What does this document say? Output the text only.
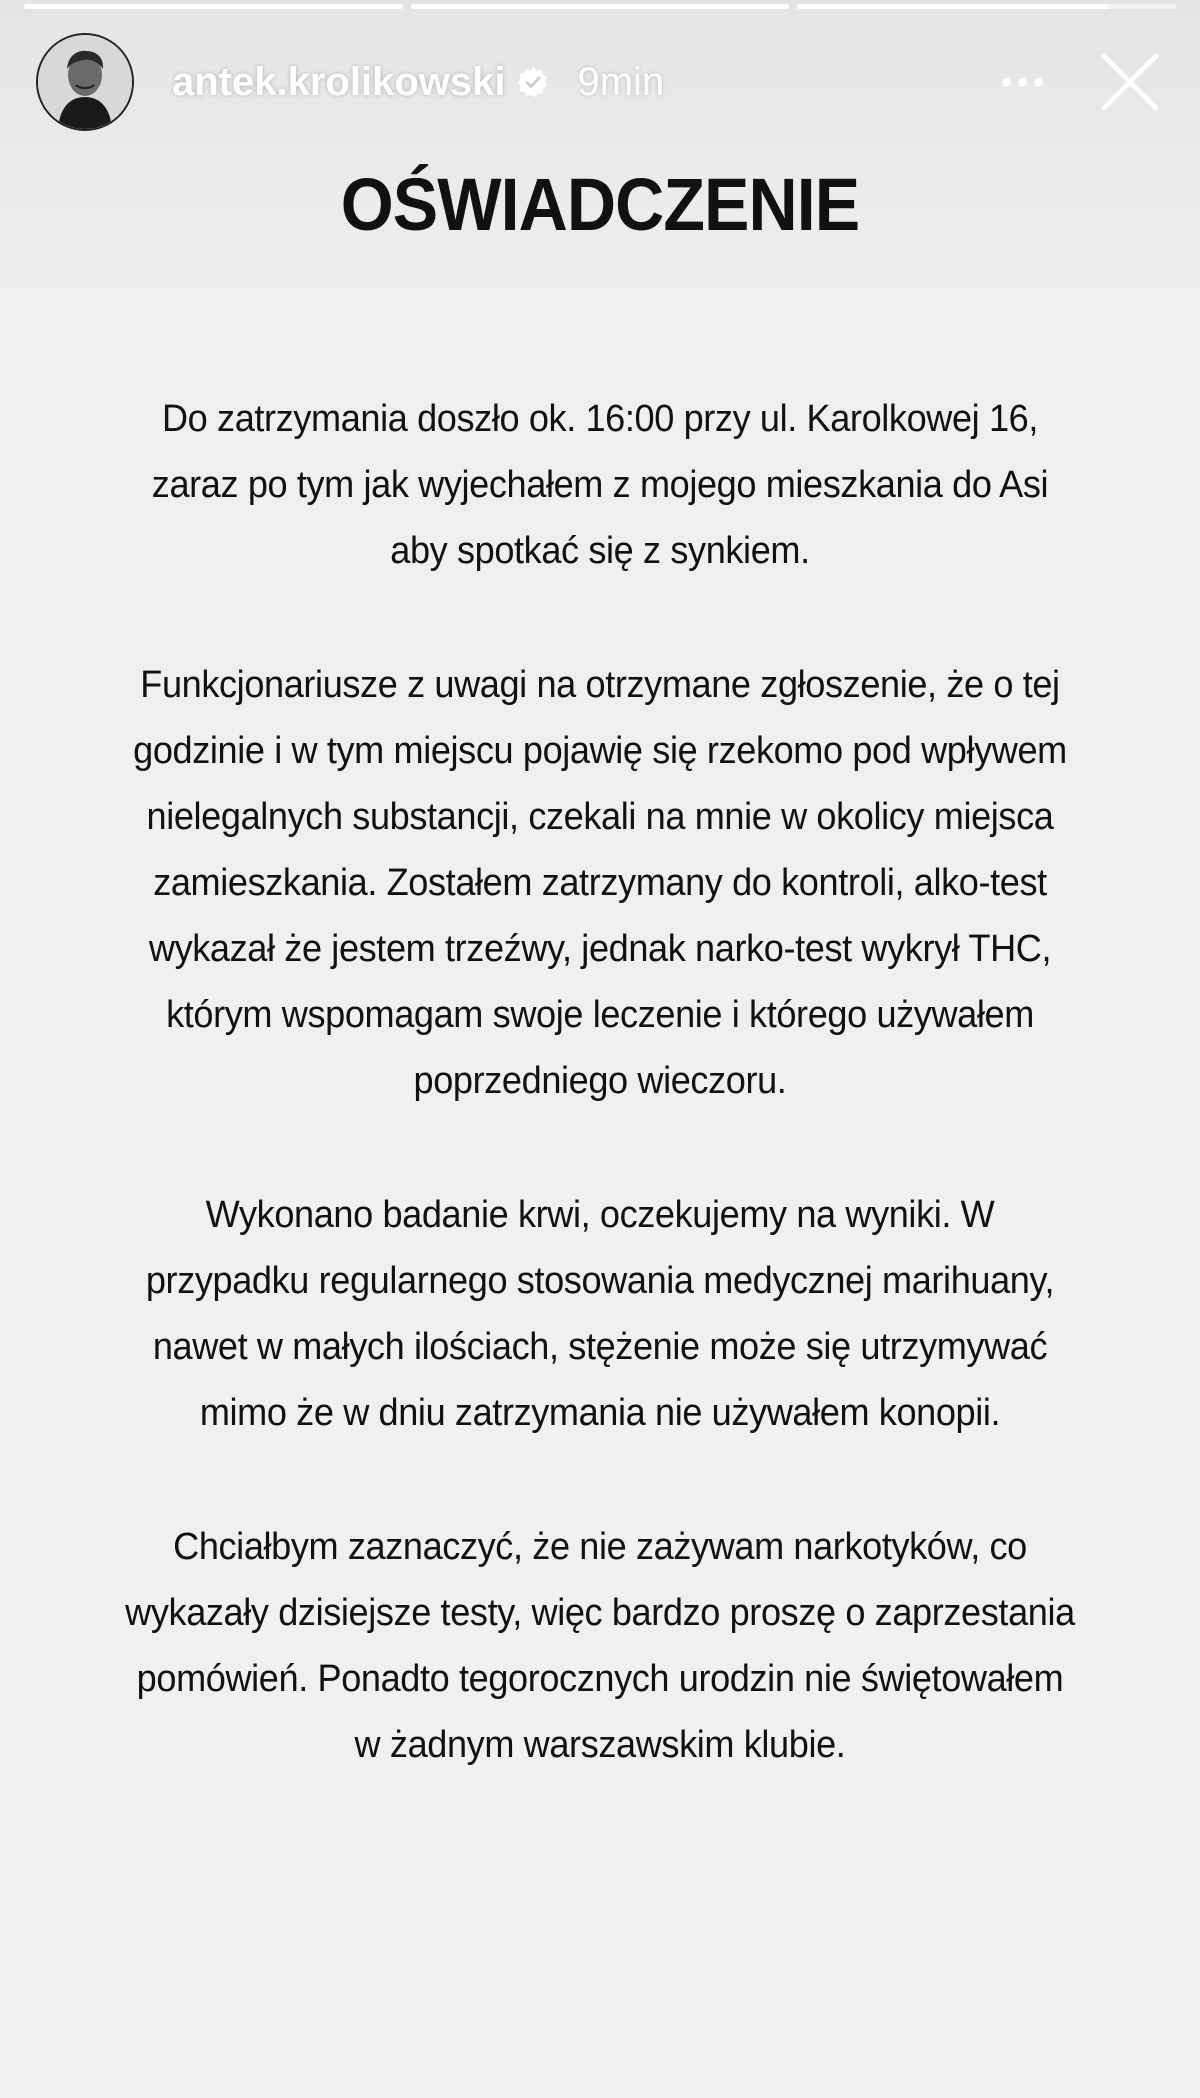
antek.krolikowski 9min
OŚWIADCZENIE

Do zatrzymania doszło ok. 16:00 przy ul. Karolkowej 16, zaraz po tym jak wyjechałem z mojego mieszkania do Asi aby spotkać się z synkiem.

Funkcjonariusze z uwagi na otrzymane zgłoszenie, że o tej godzinie i w tym miejscu pojawię się rzekomo pod wpływem nielegalnych substancji, czekali na mnie w okolicy miejsca zamieszkania. Zostałem zatrzymany do kontroli, alko-test wykazał że jestem trzeźwy, jednak narko-test wykrył THC, którym wspomagam swoje leczenie i którego używałem poprzedniego wieczoru.

Wykonano badanie krwi, oczekujemy na wyniki. W przypadku regularnego stosowania medycznej marihuany, nawet w małych ilościach, stężenie może się utrzymywać mimo że w dniu zatrzymania nie używałem konopii.

Chciałbym zaznaczyć, że nie zażywam narkotyków, co wykazały dzisiejsze testy, więc bardzo proszę o zaprzestania pomówień. Ponadto tegorocznych urodzin nie świętowałem w żadnym warszawskim klubie.
